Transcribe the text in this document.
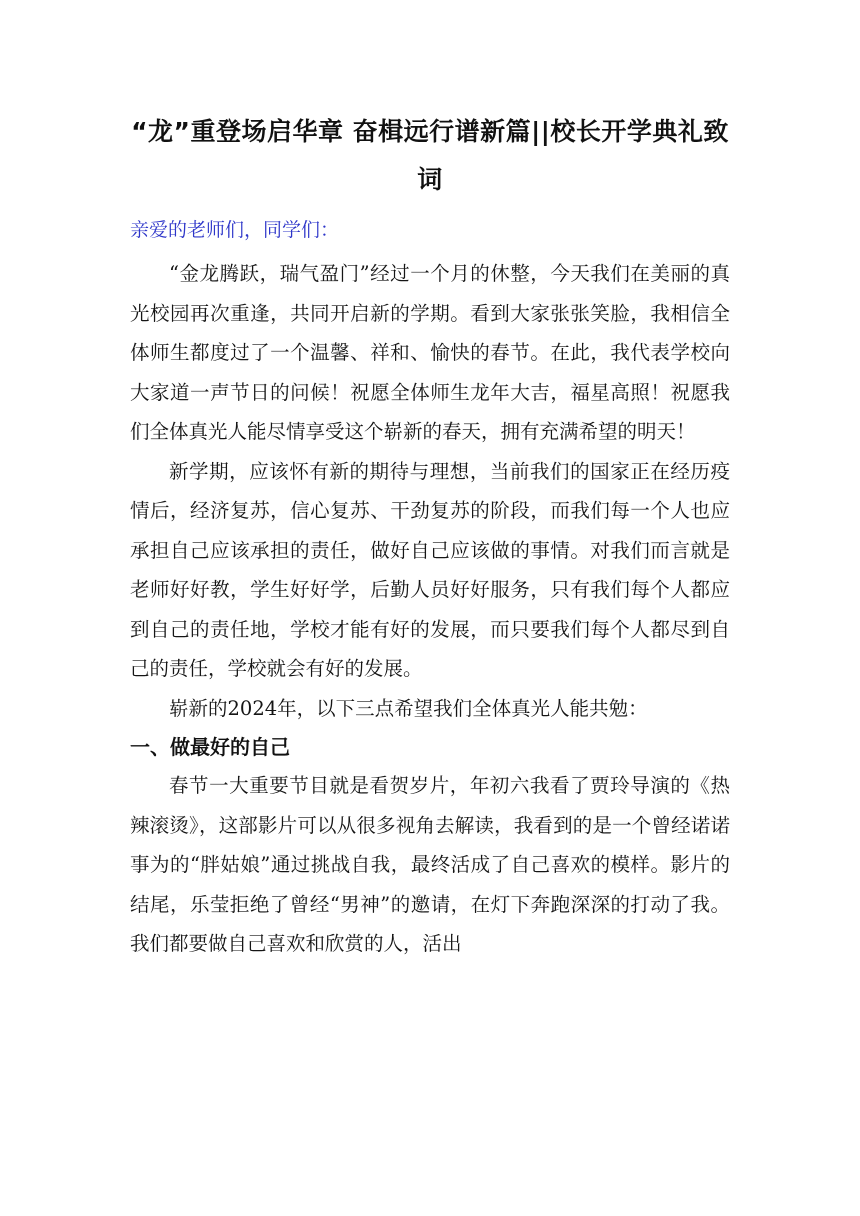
“龙”重登场启华章 奋楫远行谱新篇||校长开学典礼致词

亲爱的老师们，同学们：

“金龙腾跃，瑞气盈门”经过一个月的休整，今天我们在美丽的真光校园再次重逢，共同开启新的学期。看到大家张张笑脸，我相信全体师生都度过了一个温馨、祥和、愉快的春节。在此，我代表学校向大家道一声节日的问候！祝愿全体师生龙年大吉，福星高照！祝愿我们全体真光人能尽情享受这个崭新的春天，拥有充满希望的明天！

新学期，应该怀有新的期待与理想，当前我们的国家正在经历疫情后，经济复苏，信心复苏、干劲复苏的阶段，而我们每一个人也应承担自己应该承担的责任，做好自己应该做的事情。对我们而言就是老师好好教，学生好好学，后勤人员好好服务，只有我们每个人都应到自己的责任地，学校才能有好的发展，而只要我们每个人都尽到自己的责任，学校就会有好的发展。

崭新的2024年，以下三点希望我们全体真光人能共勉：

一、做最好的自己

春节一大重要节目就是看贺岁片，年初六我看了贾玲导演的《热辣滚烫》，这部影片可以从很多视角去解读，我看到的是一个曾经诺诺事为的“胖姑娘”通过挑战自我，最终活成了自己喜欢的模样。影片的结尾，乐莹拒绝了曾经“男神”的邀请，在灯下奔跑深深的打动了我。我们都要做自己喜欢和欣赏的人，活出
